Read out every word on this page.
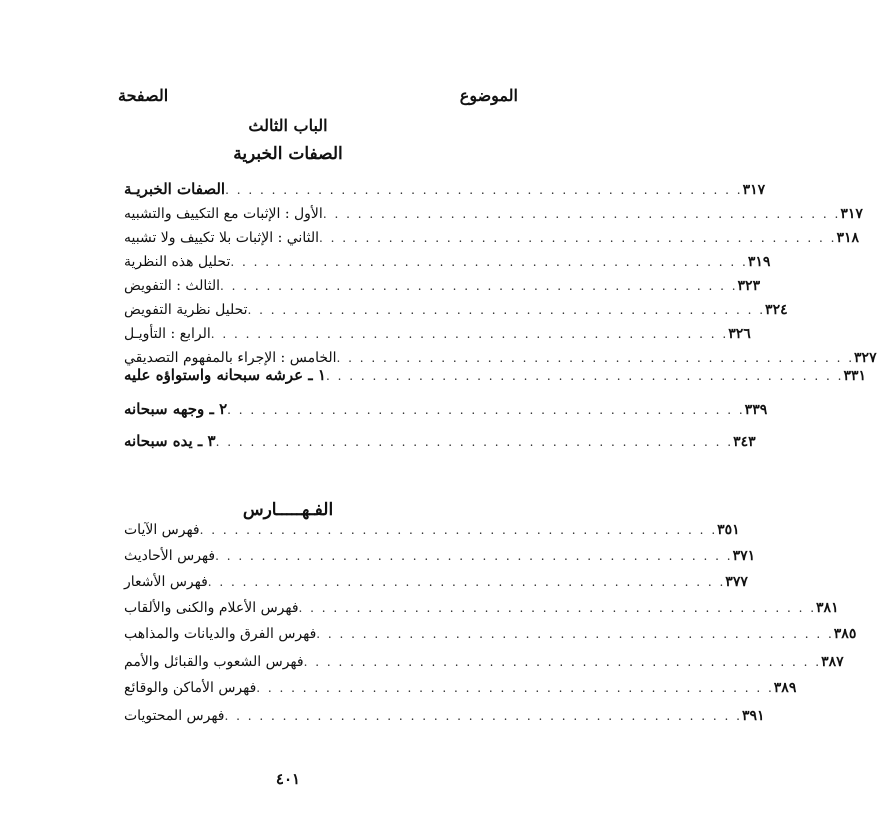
الموضوع
الصفحة
الباب الثالث
الصفات الخبرية
الفـهـــــارس
٤٠١
الصفات الخبريـة . . . . . . . . . . . . . . . . . . . . . . . . . . . . . . . . . . . . . . . . . . . . . ٣١٧
الأول : الإثبات مع التكييف والتشبيه . . . . . . . . . . . . . . . . . . . . . . . . . . . . . . . . . . . . . . . . . . . . . ٣١٧
الثاني : الإثبات بلا تكييف ولا تشبيه . . . . . . . . . . . . . . . . . . . . . . . . . . . . . . . . . . . . . . . . . . . . . ٣١٨
تحليل هذه النظرية . . . . . . . . . . . . . . . . . . . . . . . . . . . . . . . . . . . . . . . . . . . . . ٣١٩
الثالث : التفويض . . . . . . . . . . . . . . . . . . . . . . . . . . . . . . . . . . . . . . . . . . . . . ٣٢٣
تحليل نظرية التفويض . . . . . . . . . . . . . . . . . . . . . . . . . . . . . . . . . . . . . . . . . . . . . ٣٢٤
الرابع : التأويـل . . . . . . . . . . . . . . . . . . . . . . . . . . . . . . . . . . . . . . . . . . . . . ٣٢٦
الخامس : الإجراء بالمفهوم التصديقي . . . . . . . . . . . . . . . . . . . . . . . . . . . . . . . . . . . . . . . . . . . . . ٣٢٧
١ ـ عرشه سبحانه واستواؤه عليه . . . . . . . . . . . . . . . . . . . . . . . . . . . . . . . . . . . . . . . . . . . . . ٣٣١
٢ ـ وجهه سبحانه . . . . . . . . . . . . . . . . . . . . . . . . . . . . . . . . . . . . . . . . . . . . . ٣٣٩
٣ ـ يده سبحانه . . . . . . . . . . . . . . . . . . . . . . . . . . . . . . . . . . . . . . . . . . . . . ٣٤٣
فهرس الآيات . . . . . . . . . . . . . . . . . . . . . . . . . . . . . . . . . . . . . . . . . . . . . ٣٥١
فهرس الأحاديث . . . . . . . . . . . . . . . . . . . . . . . . . . . . . . . . . . . . . . . . . . . . . ٣٧١
فهرس الأشعار . . . . . . . . . . . . . . . . . . . . . . . . . . . . . . . . . . . . . . . . . . . . . ٣٧٧
فهرس الأعلام والكنى والألقاب . . . . . . . . . . . . . . . . . . . . . . . . . . . . . . . . . . . . . . . . . . . . . ٣٨١
فهرس الفرق والديانات والمذاهب . . . . . . . . . . . . . . . . . . . . . . . . . . . . . . . . . . . . . . . . . . . . . ٣٨٥
فهرس الشعوب والقبائل والأمم . . . . . . . . . . . . . . . . . . . . . . . . . . . . . . . . . . . . . . . . . . . . . ٣٨٧
فهرس الأماكن والوقائع . . . . . . . . . . . . . . . . . . . . . . . . . . . . . . . . . . . . . . . . . . . . . ٣٨٩
فهرس المحتويات . . . . . . . . . . . . . . . . . . . . . . . . . . . . . . . . . . . . . . . . . . . . . ٣٩١
